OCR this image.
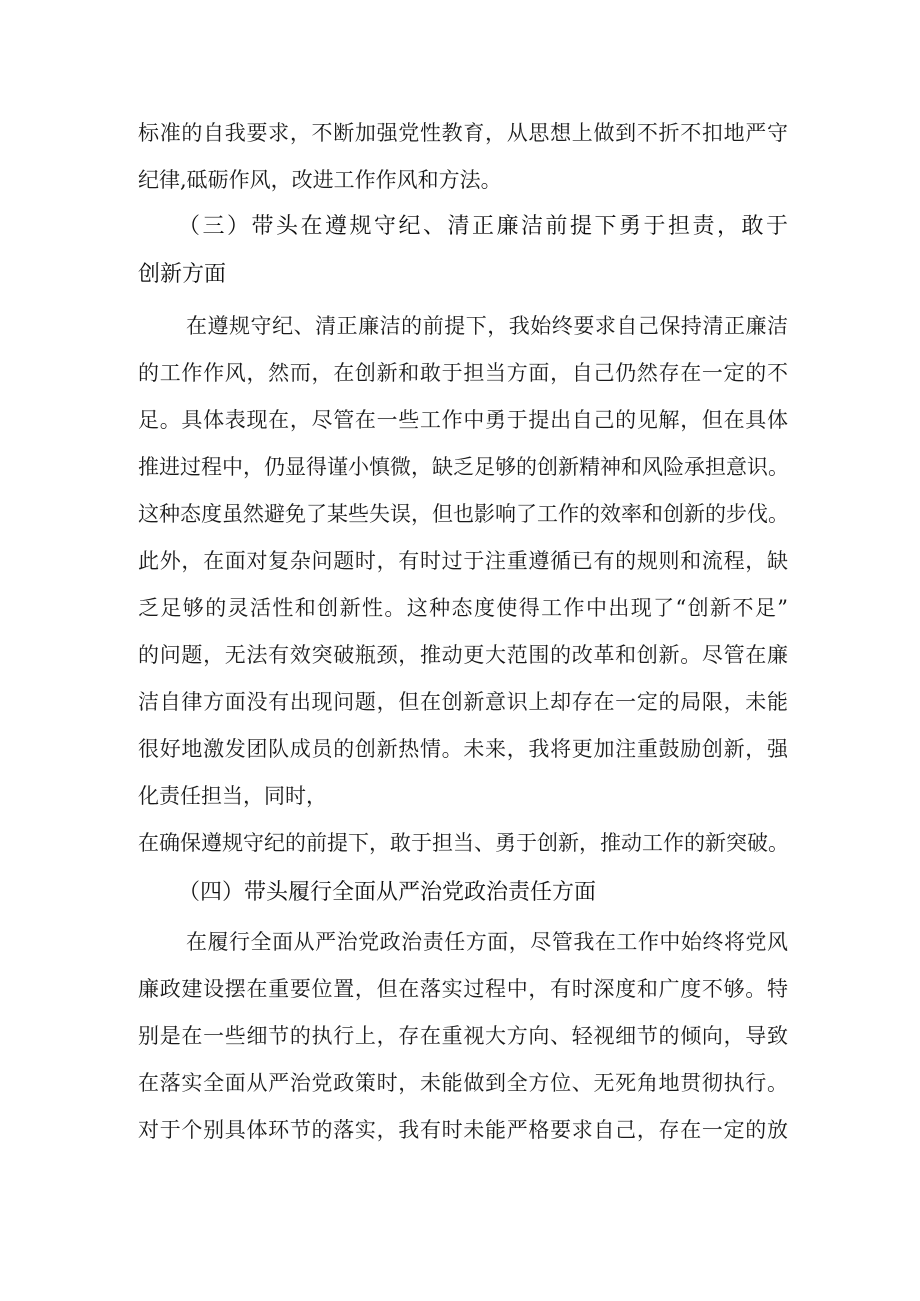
标准的自我要求，不断加强党性教育，从思想上做到不折不扣地严守
纪律,砥砺作风，改进工作作风和方法。
（三）带头在遵规守纪、清正廉洁前提下勇于担责，敢于
创新方面
在遵规守纪、清正廉洁的前提下，我始终要求自己保持清正廉洁
的工作作风，然而，在创新和敢于担当方面，自己仍然存在一定的不
足。具体表现在，尽管在一些工作中勇于提出自己的见解，但在具体
推进过程中，仍显得谨小慎微，缺乏足够的创新精神和风险承担意识。
这种态度虽然避免了某些失误，但也影响了工作的效率和创新的步伐。
此外，在面对复杂问题时，有时过于注重遵循已有的规则和流程，缺
乏足够的灵活性和创新性。这种态度使得工作中出现了“创新不足”
的问题，无法有效突破瓶颈，推动更大范围的改革和创新。尽管在廉
洁自律方面没有出现问题，但在创新意识上却存在一定的局限，未能
很好地激发团队成员的创新热情。未来，我将更加注重鼓励创新，强
化责任担当，同时，
在确保遵规守纪的前提下，敢于担当、勇于创新，推动工作的新突破。
（四）带头履行全面从严治党政治责任方面
在履行全面从严治党政治责任方面，尽管我在工作中始终将党风
廉政建设摆在重要位置，但在落实过程中，有时深度和广度不够。特
别是在一些细节的执行上，存在重视大方向、轻视细节的倾向，导致
在落实全面从严治党政策时，未能做到全方位、无死角地贯彻执行。
对于个别具体环节的落实，我有时未能严格要求自己，存在一定的放
